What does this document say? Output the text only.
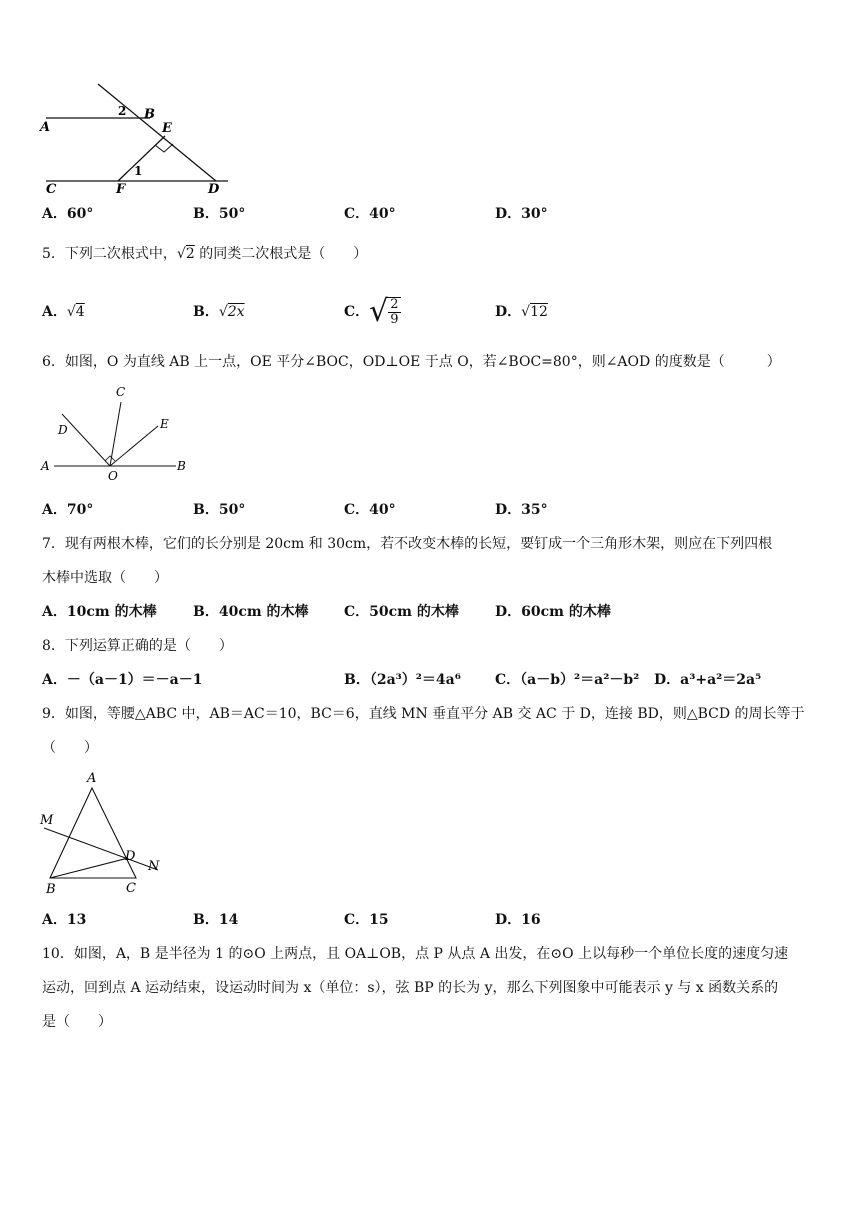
A
B
E
C	F	D
1
2
A．60°	B．50°	C．40°	D．30°
5．下列二次根式中，√2 的同类二次根式是（　　）
A．√4	B．√2x	C．√ $\frac{2}{9}$	D．√12
6．如图，O 为直线 AB 上一点，OE 平分∠BOC，OD⊥OE 于点 O，若∠BOC=80°，则∠AOD 的度数是（　　　）
C
D	E
A
O
B
A．70°	B．50°	C．40°	D．35°
7．现有两根木棒，它们的长分别是 20cm 和 30cm，若不改变木棒的长短，要钉成一个三角形木架，则应在下列四根
木棒中选取（　　）
A．10cm 的木棒	B．40cm 的木棒	C．50cm 的木棒	D．60cm 的木棒
8．下列运算正确的是（　　）
A．－（a－1）＝－a－1	B．（2a³）²＝4a⁶ C．（a－b）²＝a²－b² D．a³+a²＝2a⁵
9．如图，等腰△ABC 中，AB＝AC＝10，BC＝6，直线 MN 垂直平分 AB 交 AC 于 D，连接 BD，则△BCD 的周长等于
（　　）
A
M
D
N
B	C
A．13	B．14	C．15	D．16
10．如图，A，B 是半径为 1 的⊙O 上两点，且 OA⊥OB，点 P 从点 A 出发，在⊙O 上以每秒一个单位长度的速度匀速
运动，回到点 A 运动结束，设运动时间为 x（单位：s），弦 BP 的长为 y，那么下列图象中可能表示 y 与 x 函数关系的
是（　　）
